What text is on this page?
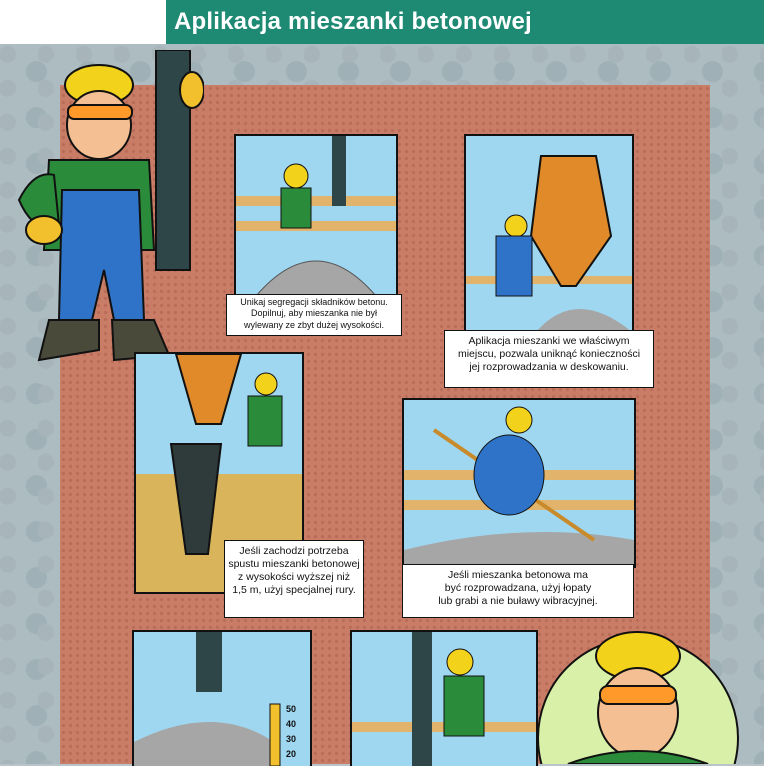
Aplikacja mieszanki betonowej
Unikaj segregacji składników betonu.
Dopilnuj, aby mieszanka nie był
wylewany ze zbyt dużej wysokości.
Aplikacja mieszanki we właściwym
miejscu, pozwala uniknąć konieczności
jej rozprowadzania w deskowaniu.
Jeśli zachodzi potrzeba
spustu mieszanki betonowej
z wysokości wyższej niż
1,5 m, użyj specjalnej rury.
Jeśli mieszanka betonowa ma
być rozprowadzana, użyj łopaty
lub grabi a nie buławy wibracyjnej.
50
40
30
20
